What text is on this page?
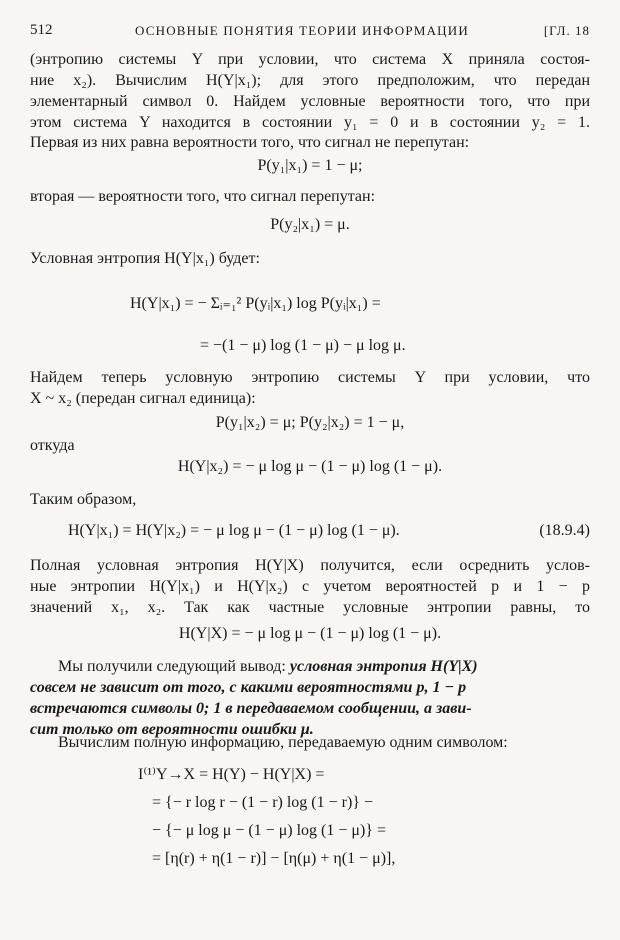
512	ОСНОВНЫЕ ПОНЯТИЯ ТЕОРИИ ИНФОРМАЦИИ	[ГЛ. 18
(энтропию системы Y при условии, что система X приняла состоя-
ние x₂). Вычислим H(Y|x₁); для этого предположим, что передан
элементарный символ 0. Найдем условные вероятности того, что при
этом система Y находится в состоянии y₁ = 0 и в состоянии y₂ = 1.
Первая из них равна вероятности того, что сигнал не перепутан:
P(y₁|x₁) = 1 − μ;
вторая — вероятности того, что сигнал перепутан:
P(y₂|x₁) = μ.
Условная энтропия H(Y|x₁) будет:
H(Y|x₁) = − Σᵢ₌₁² P(yᵢ|x₁) log P(yᵢ|x₁) =
= −(1 − μ) log (1 − μ) − μ log μ.
Найдем теперь условную энтропию системы Y при условии, что
X ~ x₂ (передан сигнал единица):
P(y₁|x₂) = μ; P(y₂|x₂) = 1 − μ,
откуда
H(Y|x₂) = − μ log μ − (1 − μ) log (1 − μ).
Таким образом,
H(Y|x₁) = H(Y|x₂) = − μ log μ − (1 − μ) log (1 − μ).	(18.9.4)
Полная условная энтропия H(Y|X) получится, если осреднить услов-
ные энтропии H(Y|x₁) и H(Y|x₂) с учетом вероятностей p и 1 − p
значений x₁, x₂. Так как частные условные энтропии равны, то
H(Y|X) = − μ log μ − (1 − μ) log (1 − μ).
Мы получили следующий вывод: условная энтропия H(Y|X)
совсем не зависит от того, с какими вероятностями p, 1 − p
встречаются символы 0; 1 в передаваемом сообщении, а зави-
сит только от вероятности ошибки μ.
Вычислим полную информацию, передаваемую одним символом:
I⁽¹⁾Y→X = H(Y) − H(Y|X) =
= {− r log r − (1 − r) log (1 − r)} −
− {− μ log μ − (1 − μ) log (1 − μ)} =
= [η(r) + η(1 − r)] − [η(μ) + η(1 − μ)],
